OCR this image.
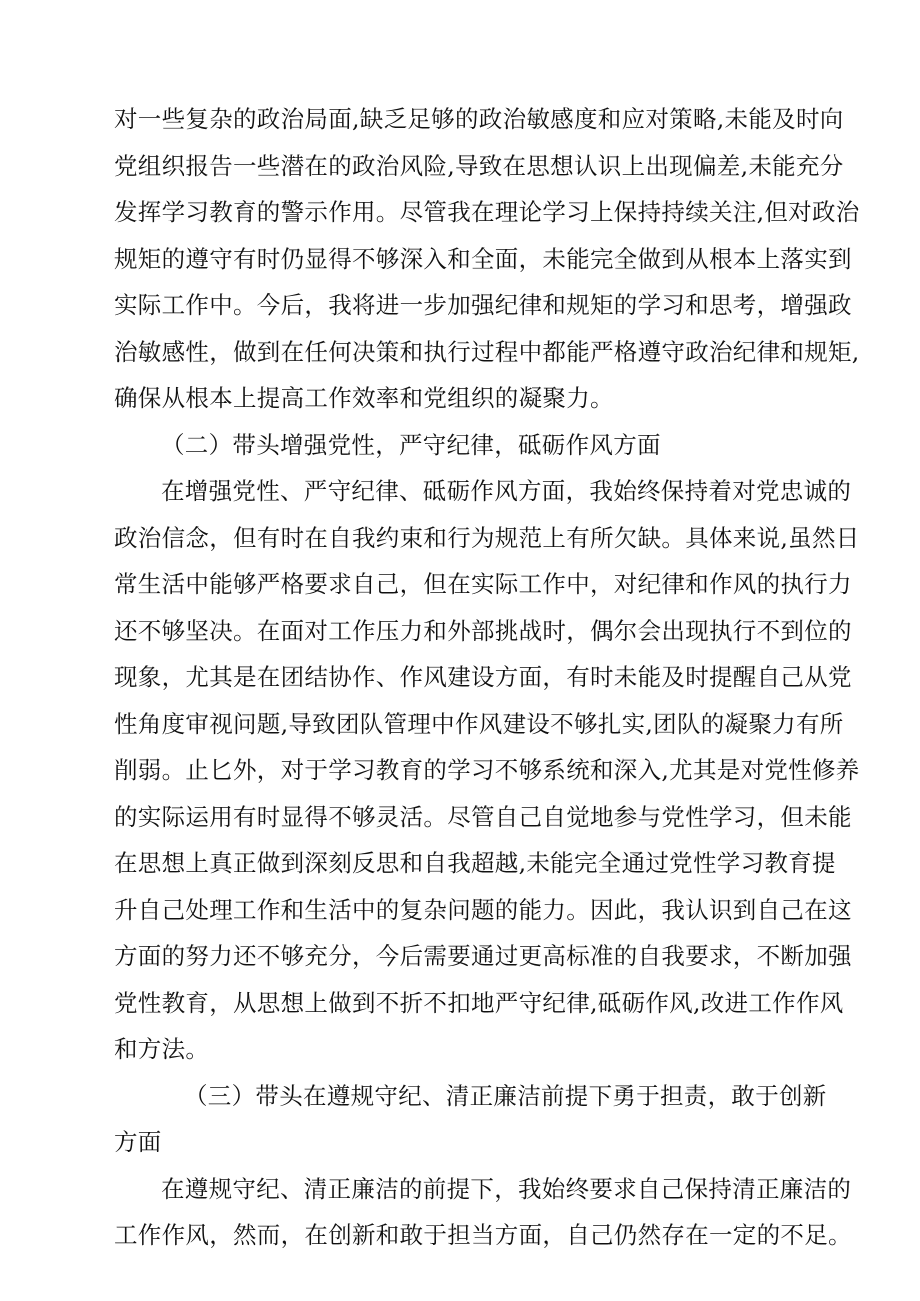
对一些复杂的政治局面,缺乏足够的政治敏感度和应对策略,未能及时向
党组织报告一些潜在的政治风险,导致在思想认识上出现偏差,未能充分
发挥学习教育的警示作用。尽管我在理论学习上保持持续关注,但对政治
规矩的遵守有时仍显得不够深入和全面，未能完全做到从根本上落实到
实际工作中。今后，我将进一步加强纪律和规矩的学习和思考，增强政
治敏感性，做到在任何决策和执行过程中都能严格遵守政治纪律和规矩,
确保从根本上提高工作效率和党组织的凝聚力。
（二）带头增强党性，严守纪律，砥砺作风方面
在增强党性、严守纪律、砥砺作风方面，我始终保持着对党忠诚的
政治信念，但有时在自我约束和行为规范上有所欠缺。具体来说,虽然日
常生活中能够严格要求自己，但在实际工作中，对纪律和作风的执行力
还不够坚决。在面对工作压力和外部挑战时，偶尔会出现执行不到位的
现象，尤其是在团结协作、作风建设方面，有时未能及时提醒自己从党
性角度审视问题,导致团队管理中作风建设不够扎实,团队的凝聚力有所
削弱。止匕外，对于学习教育的学习不够系统和深入,尤其是对党性修养
的实际运用有时显得不够灵活。尽管自己自觉地参与党性学习，但未能
在思想上真正做到深刻反思和自我超越,未能完全通过党性学习教育提
升自己处理工作和生活中的复杂问题的能力。因此，我认识到自己在这
方面的努力还不够充分，今后需要通过更高标准的自我要求，不断加强
党性教育，从思想上做到不折不扣地严守纪律,砥砺作风,改进工作作风
和方法。
（三）带头在遵规守纪、清正廉洁前提下勇于担责，敢于创新
方面
在遵规守纪、清正廉洁的前提下，我始终要求自己保持清正廉洁的
工作作风，然而，在创新和敢于担当方面，自己仍然存在一定的不足。
